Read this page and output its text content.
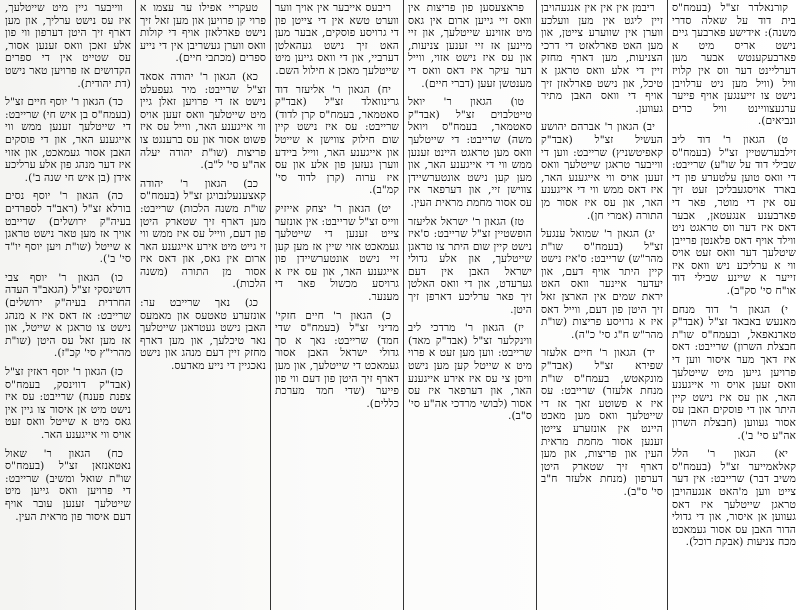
קורנאלדר זצ"ל (בעמח"ס בית דוד על שאלה סדרי משנה): אידישע פארבעך גיים נישט אריס מיט א פארבעקענטש אבער מען דערליינט דער ווס אין קלויז וויל (וויל מען ניט ערלויבן נישט צו זייענגען אויף פייער ערגעצוויינט וויל כרים ונביאים).

ט) הגאון ר' דוד ליב זילבערשטיין זצ"ל (בעמח"ס שבילי דוד על שו"ע) שרייבט: די וואס טוען עלטערע פון די בארד אויסגעבליכן זעט זיך עס אין די מוטר, פאר די פארבענע אנגעטאן, אבער דאס איז דער ווס טראגט ניט ווילד אויף דאס פלאנטן פרייבן שיטלעך דער וואס זעט אויס ווי א ערליכע ניש וואס איז זייער א שיינע שבילי דוד או"ח סי' סק"ב).

י) הגאון ר' דוד מנחם מאנעש באבאד זצ"ל (אבד"ק טארנאפאל, ובעמח"ס שו"ת חבצלת השרון) שרייבט: דאס איז דאך מער איסור ווען די פרויען גייען מיט שייטלעך וואס זעען אויס ווי אייגענע האר, און עס איז נישט קיין היתר און די פוסקים האבן עס אסור געווען (חבצלת השרון אה"ע סי' ב').

יא) הגאון ר' הלל קאלאמייער זצ"ל (בעמח"ס משיב דבר) שרייבט: אין דער צייט ווען מ'האט אנגעהויבן טראגן שייטלעך איז דאס געווען אן איסור, און די גדולי הדור האבן עס אסור געמאכט מכח צניעות (אבקת רוכל).

ריבמן אין אין אין אנגעהויבן זיין ליגט אין מען וועלכע ווערן אין שווערע צייטן, און מען האט פארלאזט די דרכי הצניעות, מען דארף מחזק זיין די אלע וואס טראגן א טיכל, און נישט פארלאזן זיך אויף די וואס האבן מתיר געווען.

יב) הגאון ר' אברהם יהושע העשיל זצ"ל (אבד"ק קאפיטשניץ) שרייבט: ווען די ווייבער טראגן שייטלעך וואס זעען אויס ווי אייגענע האר, איז דאס ממש ווי די אייגענע האר, און עס איז אסור מן התורה (אמרי חן).

יג) הגאון ר' שמואל ענגעל זצ"ל (בעמח"ס שו"ת מהר"ש) שרייבט: ס'איז נישט קיין היתר אויף דעם, און יעדער איינער וואס האט יראת שמים אין הארצן זאל זיך היטן פון דעם, ווייל דאס איז א גרויסע פריצות (שו"ת מהר"ש ח"ג סי' כ"ה).

יד) הגאון ר' חיים אלעזר שפירא זצ"ל (אבד"ק מונקאטש, בעמח"ס שו"ת מנחת אלעזר) שרייבט: עס איז א פשוטע זאך אז די שייטלעך וואס מען מאכט היינט אין אונזערע צייטן זענען אסור מחמת מראית העין און פריצות, און מען דארף זיך שטארק היטן דערפון (מנחת אלעזר ח"ב סי' ס"ב).

פראצעסען פון פריצות אין וואס זיי גייען ארום אין גאס מיט אזוינע שייטלעך, און זיי מיינען אז זיי זענען צניעות, און עס איז נישט אזוי, ווייל דער עיקר איז דאס וואס די מענטשן זעען (דברי חיים).

טו) הגאון ר' יואל טייטלבוים זצ"ל (אבד"ק סאטמאר, בעמח"ס ויואל משה) שרייבט: די שייטלעך וואס מען טראגט היינט זענען ממש ווי די אייגענע האר, און מען קען נישט אונטערשיידן צווישן זיי, און דערפאר איז עס אסור מחמת מראית העין.

טז) הגאון ר' ישראל אליעזר הופשטיין זצ"ל שרייבט: ס'איז נישט קיין שום היתר צו טראגן שייטלעך, און אלע גדולי ישראל האבן אין דעם גערעדט, און די וואס האלטן זיך פאר ערליכע דארפן זיך היטן.

יז) הגאון ר' מרדכי ליב ווינקלער זצ"ל (אבד"ק מאד) שרייבט: ווען מען זעט א פרוי מיט א שייטל קען מען נישט וויסן צי עס איז אירע אייגענע האר, און דערפאר איז עס אסור (לבושי מרדכי אה"ע סי' ס"ב).

ריבעס אייבער אין אויך ווער ווערט טשא אין די צייטן פון די גרויסע פוסקים, אבער מען האט זיך נישט געהאלטן דערביי, און די וואס גייען מיט שייטלעך מאכן א חילול השם.

יח) הגאון ר' אליעזר דוד גרינוואלד זצ"ל (אבד"ק סאטמאר, בעמח"ס קרן לדוד) שרייבט: עס איז נישט קיין שום חילוק צווישן א שייטל און אייגענע האר, ווייל ביידע ווערן געזען פון אלע און עס איז ערוה (קרן לדוד סי' קמ"ב).

יט) הגאון ר' יצחק אייזיק ווייס זצ"ל שרייבט: אין אונזער צייט זענען די שייטלעך געמאכט אזוי שיין אז מען קען זיי נישט אונטערשיידן פון אייגענע האר, און עס איז א גרויסע מכשול פאר די מענער.

כ) הגאון ר' חיים חזקי' מדיני זצ"ל (בעמח"ס שדי חמד) שרייבט: נאך א סך גדולי ישראל האבן אסור געמאכט די שייטלעך, און מען דארף זיך היטן פון דעם ווי פון פייער (שדי חמד מערכת כללים).

טעקריי אפילו ער עצמו א פרוי קן פרויען און מען זאל זיך נישט פארלאזן אויף די קולות וואס ווערן געשריבן אין די נייע ספרים (מכתבי חיים).

כא) הגאון ר' יהודה אסאד זצ"ל שרייבט: מיר געפעלט נישט אז די פרויען זאלן גיין מיט שייטלעך וואס זעען אויס ווי אייגענע האר, ווייל עס איז פשוט אסור און עס ברענגט צו פריצות (שו"ת יהודה יעלה אה"ע סי' ל"ב).

כב) הגאון ר' יהודה קאצענעלנבויגן זצ"ל (בעמח"ס שו"ת משנה הלכות) שרייבט: מען דארף זיך שטארק היטן פון דעם, ווייל עס איז ממש ווי זי גייט מיט אירע אייגענע האר ארום אין גאס, און דאס איז אסור מן התורה (משנה הלכות).

כג) נאך שרייבט ער: אונזערע טאטעס און מאמעס האבן נישט געטראגן שייטלעך נאר טיכלעך, און מען דארף מחזק זיין דעם מנהג און נישט נאכגיין די נייע מאדעס.

ווייבער גיין מיט שייטלעך, איז עס נישט ערליך, און מען דארף זיך היטן דערפון ווי פון אלע זאכן וואס זענען אסור, עס שטייט אין די ספרים הקדושים אז פרויען טאר נישט (דת יהודית).

כד) הגאון ר' יוסף חיים זצ"ל (בעמח"ס בן איש חי) שרייבט: די שייטלעך זענען ממש ווי אייגענע האר, און די פוסקים האבן אסור געמאכט, און אזוי איז דער מנהג פון אלע ערליכע אידן (בן איש חי שנה ב').

כה) הגאון ר' יוסף נסים בורלא זצ"ל (ראב"ד לספרדים בעיה"ק ירושלים) שרייבט אויך אז מען טאר נישט טראגן א שייטל (שו"ת ויען יוסף יו"ד סי' ב').

כו) הגאון ר' יוסף צבי דושינסקי זצ"ל (הגאב"ד העדה החרדית בעיה"ק ירושלים) שרייבט: אז דאס איז א מנהג נישט צו טראגן א שייטל, און אז מען זאל עס היטן (שו"ת מהרי"ץ סי' קכ"ז).

כז) הגאון ר' יוסף ראזין זצ"ל (אבד"ק דווינסק, בעמח"ס צפנת פענח) שרייבט: עס איז נישט מיט אן איסור צו גיין אין גאס מיט א שייטל וואס זעט אויס ווי אייגענע האר.

כח) הגאון ר' שאול נאטאנזאן זצ"ל (בעמח"ס שו"ת שואל ומשיב) שרייבט: די פרויען וואס גייען מיט שייטלעך זענען עובר אויף דעם איסור פון מראית העין.
